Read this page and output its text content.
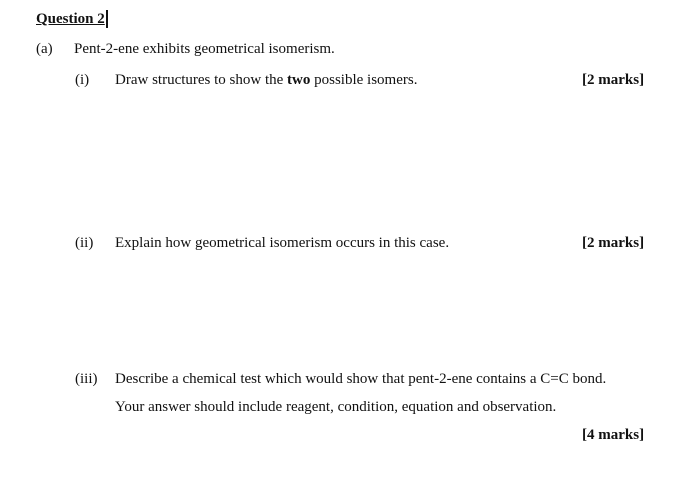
Question 2
(a) Pent-2-ene exhibits geometrical isomerism.
(i) Draw structures to show the two possible isomers.	[2 marks]
(ii) Explain how geometrical isomerism occurs in this case.	[2 marks]
(iii) Describe a chemical test which would show that pent-2-ene contains a C=C bond.
Your answer should include reagent, condition, equation and observation.
[4 marks]
